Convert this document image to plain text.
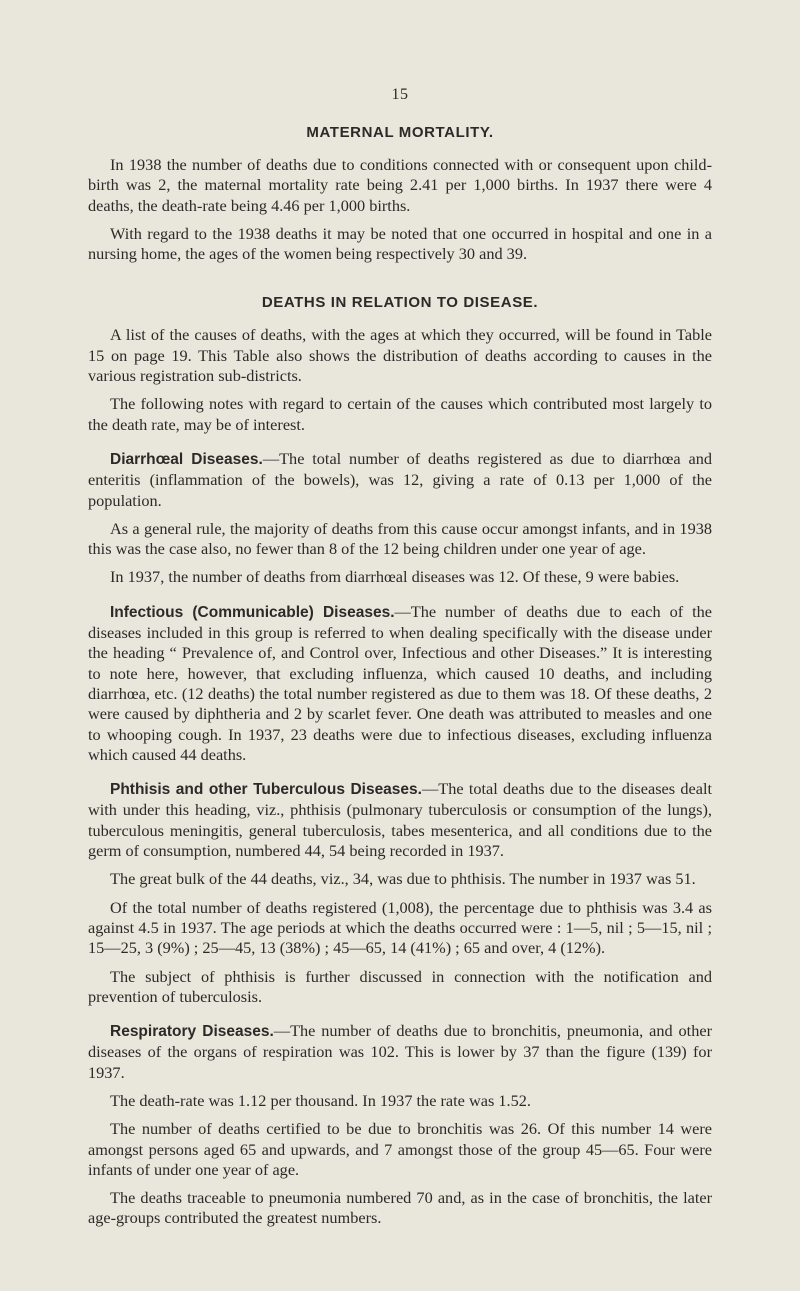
15
MATERNAL MORTALITY.

In 1938 the number of deaths due to conditions connected with or consequent upon child-birth was 2, the maternal mortality rate being 2.41 per 1,000 births. In 1937 there were 4 deaths, the death-rate being 4.46 per 1,000 births.

With regard to the 1938 deaths it may be noted that one occurred in hospital and one in a nursing home, the ages of the women being respectively 30 and 39.

DEATHS IN RELATION TO DISEASE.

A list of the causes of deaths, with the ages at which they occurred, will be found in Table 15 on page 19. This Table also shows the distribution of deaths according to causes in the various registration sub-districts.

The following notes with regard to certain of the causes which contributed most largely to the death rate, may be of interest.

Diarrhœal Diseases.—The total number of deaths registered as due to diarrhœa and enteritis (inflammation of the bowels), was 12, giving a rate of 0.13 per 1,000 of the population.

As a general rule, the majority of deaths from this cause occur amongst infants, and in 1938 this was the case also, no fewer than 8 of the 12 being children under one year of age.

In 1937, the number of deaths from diarrhœal diseases was 12. Of these, 9 were babies.

Infectious (Communicable) Diseases.—The number of deaths due to each of the diseases included in this group is referred to when dealing specifically with the disease under the heading “ Prevalence of, and Control over, Infectious and other Diseases.” It is interesting to note here, however, that excluding influenza, which caused 10 deaths, and including diarrhœa, etc. (12 deaths) the total number registered as due to them was 18. Of these deaths, 2 were caused by diphtheria and 2 by scarlet fever. One death was attributed to measles and one to whooping cough. In 1937, 23 deaths were due to infectious diseases, excluding influenza which caused 44 deaths.

Phthisis and other Tuberculous Diseases.—The total deaths due to the diseases dealt with under this heading, viz., phthisis (pulmonary tuberculosis or consumption of the lungs), tuberculous meningitis, general tuberculosis, tabes mesenterica, and all conditions due to the germ of consumption, numbered 44, 54 being recorded in 1937.

The great bulk of the 44 deaths, viz., 34, was due to phthisis. The number in 1937 was 51.

Of the total number of deaths registered (1,008), the percentage due to phthisis was 3.4 as against 4.5 in 1937. The age periods at which the deaths occurred were : 1—5, nil ; 5—15, nil ; 15—25, 3 (9%) ; 25—45, 13 (38%) ; 45—65, 14 (41%) ; 65 and over, 4 (12%).

The subject of phthisis is further discussed in connection with the notification and prevention of tuberculosis.

Respiratory Diseases.—The number of deaths due to bronchitis, pneumonia, and other diseases of the organs of respiration was 102. This is lower by 37 than the figure (139) for 1937.

The death-rate was 1.12 per thousand. In 1937 the rate was 1.52.

The number of deaths certified to be due to bronchitis was 26. Of this number 14 were amongst persons aged 65 and upwards, and 7 amongst those of the group 45—65. Four were infants of under one year of age.

The deaths traceable to pneumonia numbered 70 and, as in the case of bronchitis, the later age-groups contributed the greatest numbers.
